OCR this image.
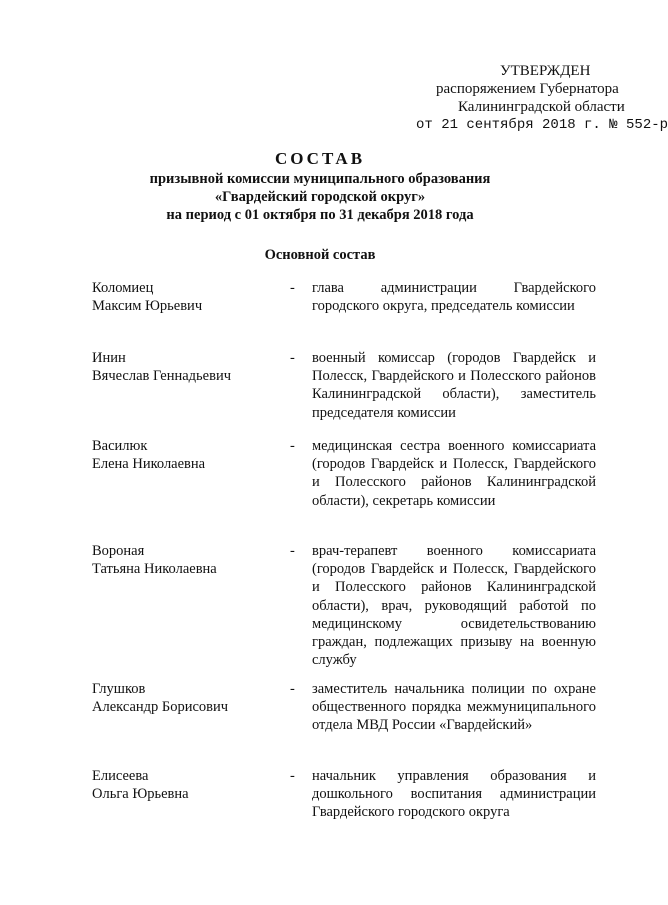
УТВЕРЖДЕН
распоряжением Губернатора
Калининградской области
от 21 сентября 2018 г. № 552-р
СОСТАВ
призывной комиссии муниципального образования
«Гвардейский городской округ»
на период с 01 октября по 31 декабря 2018 года
Основной состав
Коломиец
Максим Юрьевич
- глава администрации Гвардейского городского округа, председатель комиссии
Инин
Вячеслав Геннадьевич
- военный комиссар (городов Гвардейск и Полесск, Гвардейского и Полесского районов Калининградской области), заместитель председателя комиссии
Василюк
Елена Николаевна
- медицинская сестра военного комиссариата (городов Гвардейск и Полесск, Гвардейского и Полесского районов Калининградской области), секретарь комиссии
Вороная
Татьяна Николаевна
- врач-терапевт военного комиссариата (городов Гвардейск и Полесск, Гвардейского и Полесского районов Калининградской области), врач, руководящий работой по медицинскому освидетельствованию граждан, подлежащих призыву на военную службу
Глушков
Александр Борисович
- заместитель начальника полиции по охране общественного порядка межмуниципального отдела МВД России «Гвардейский»
Елисеева
Ольга Юрьевна
- начальник управления образования и дошкольного воспитания администрации Гвардейского городского округа
